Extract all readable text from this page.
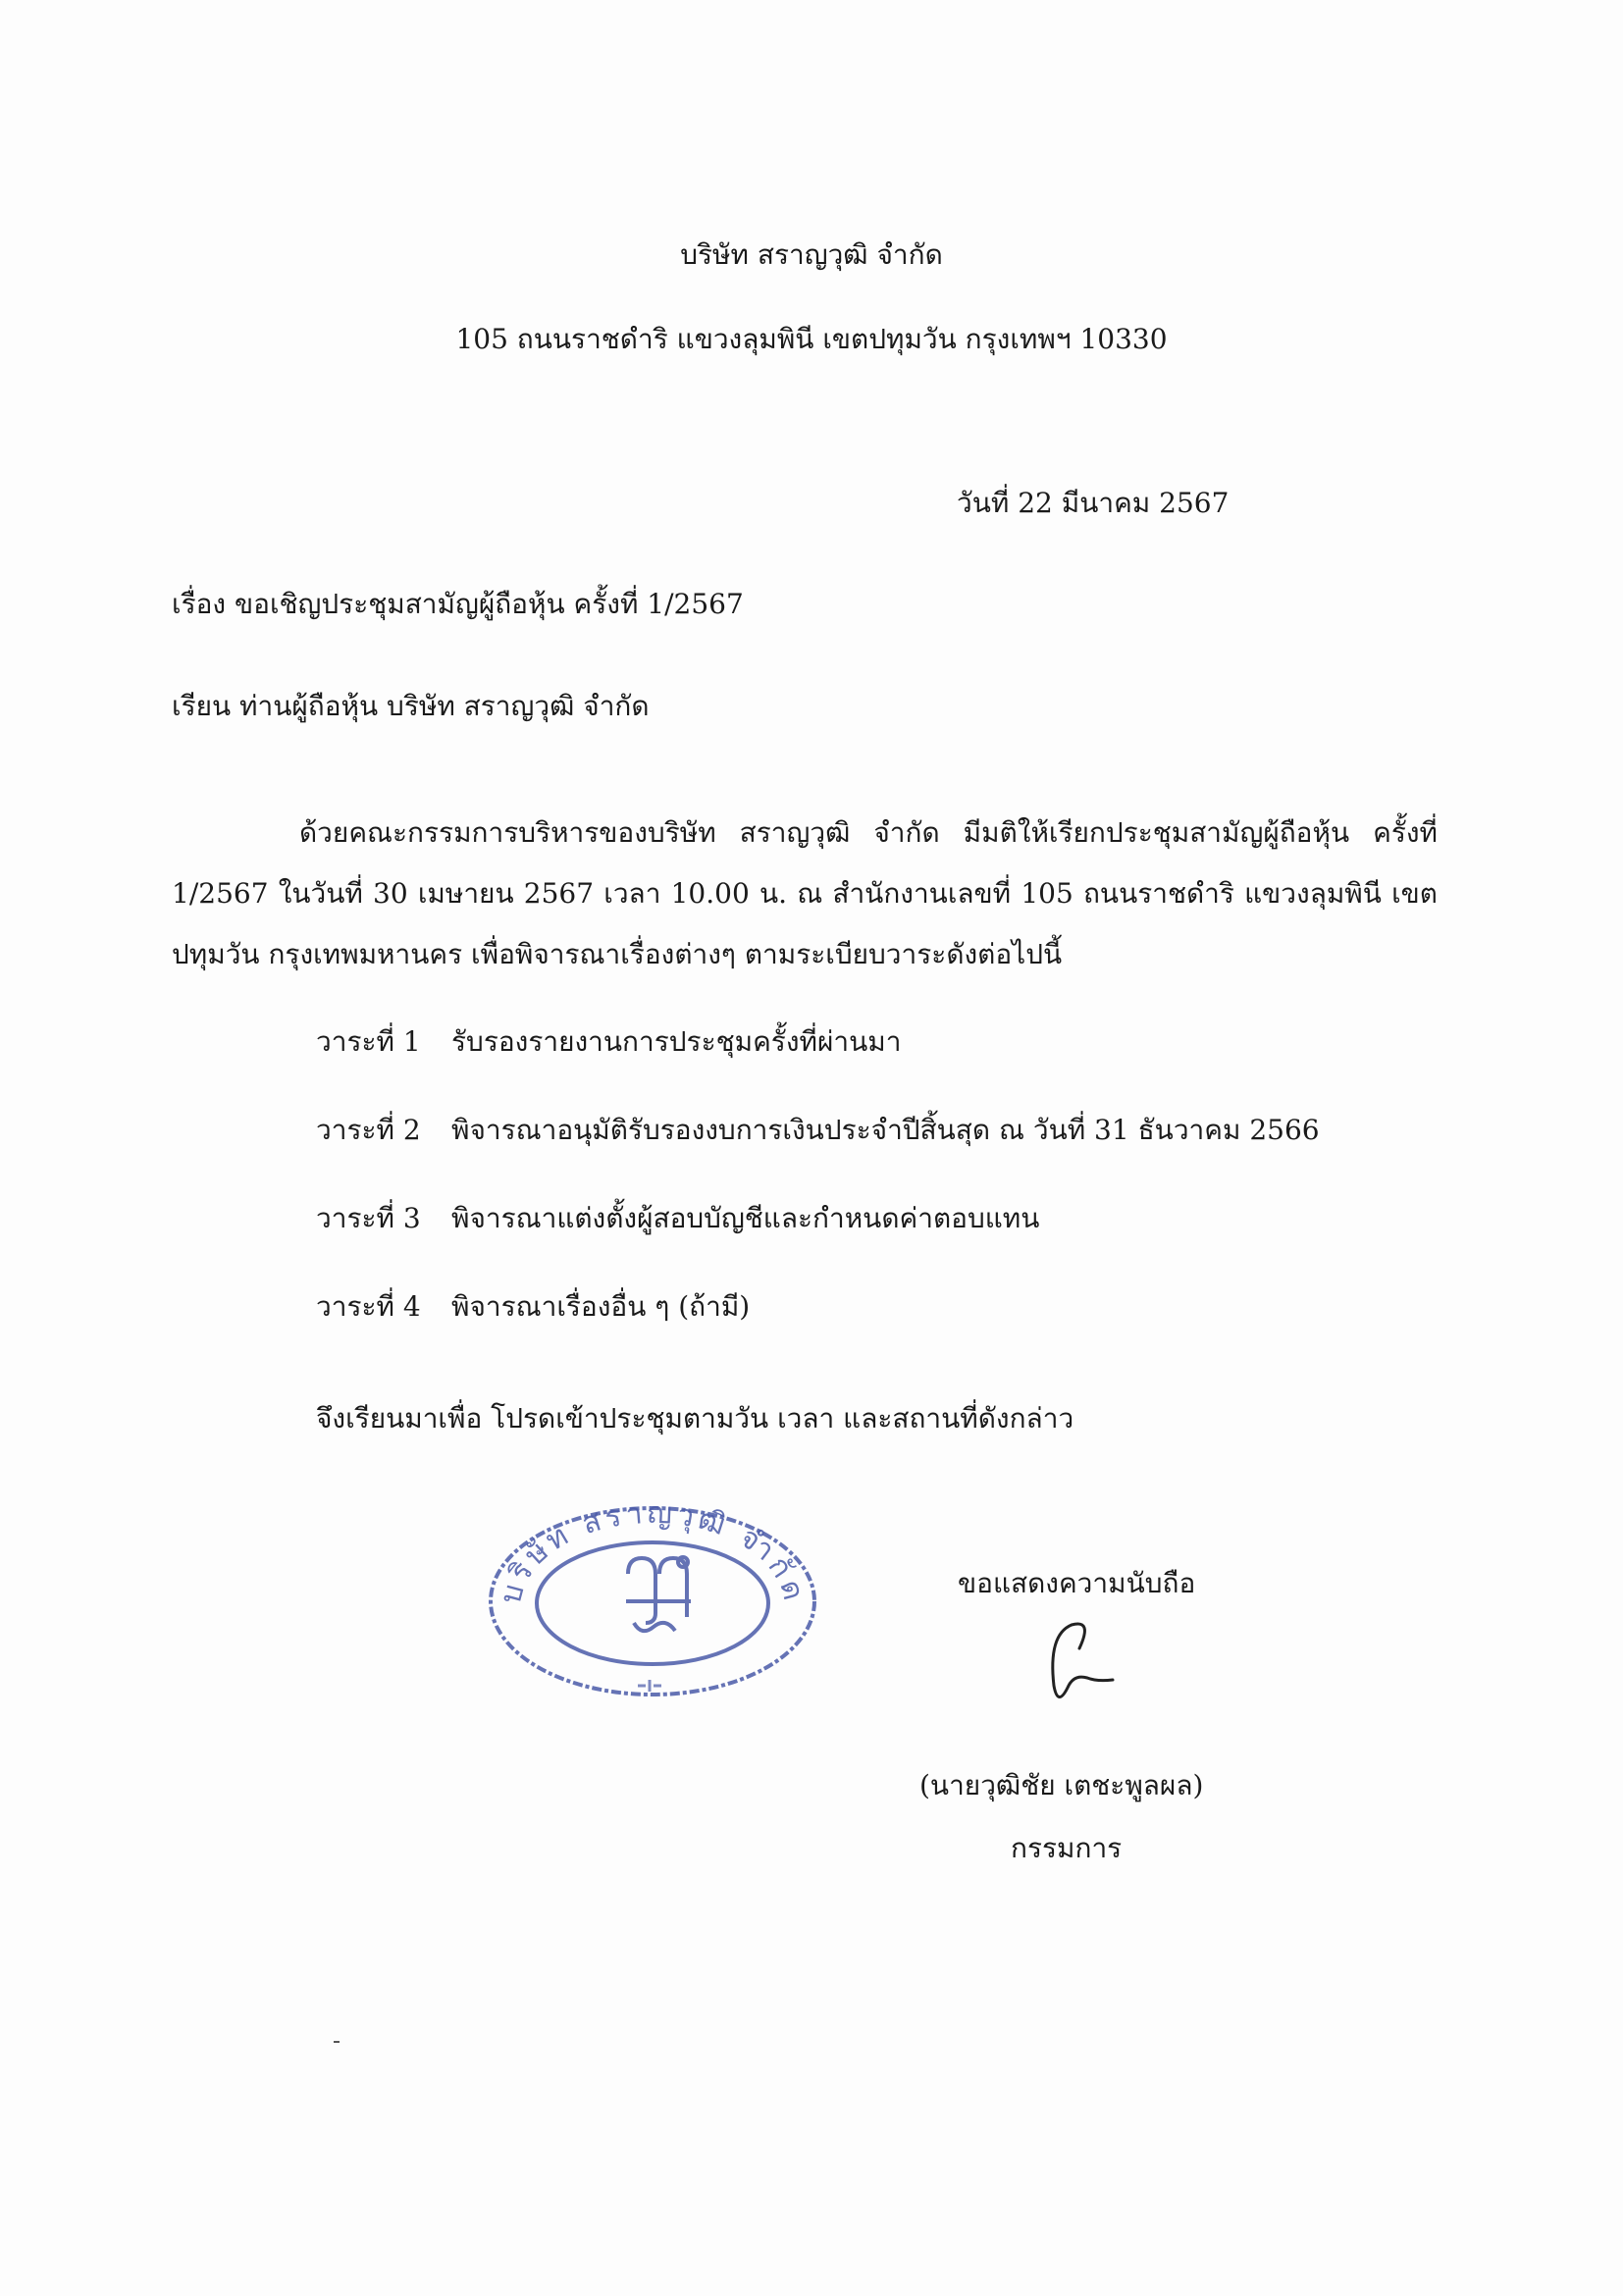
บริษัท สราญวุฒิ จำกัด
105 ถนนราชดำริ แขวงลุมพินี เขตปทุมวัน กรุงเทพฯ 10330
วันที่ 22 มีนาคม 2567
เรื่อง ขอเชิญประชุมสามัญผู้ถือหุ้น ครั้งที่ 1/2567
เรียน ท่านผู้ถือหุ้น บริษัท สราญวุฒิ จำกัด
ด้วยคณะกรรมการบริหารของบริษัท สราญวุฒิ จำกัด มีมติให้เรียกประชุมสามัญผู้ถือหุ้น ครั้งที่ 1/2567 ในวันที่ 30 เมษายน 2567 เวลา 10.00 น. ณ สำนักงานเลขที่ 105 ถนนราชดำริ แขวงลุมพินี เขตปทุมวัน กรุงเทพมหานคร เพื่อพิจารณาเรื่องต่างๆ ตามระเบียบวาระดังต่อไปนี้
วาระที่ 1 รับรองรายงานการประชุมครั้งที่ผ่านมา
วาระที่ 2 พิจารณาอนุมัติรับรองงบการเงินประจำปีสิ้นสุด ณ วันที่ 31 ธันวาคม 2566
วาระที่ 3 พิจารณาแต่งตั้งผู้สอบบัญชีและกำหนดค่าตอบแทน
วาระที่ 4 พิจารณาเรื่องอื่น ๆ (ถ้ามี)
จึงเรียนมาเพื่อ โปรดเข้าประชุมตามวัน เวลา และสถานที่ดังกล่าว
บริษัท สราญวุฒิ จำกัด	ขอแสดงความนับถือ
(นายวุฒิชัย เตชะพูลผล)
กรรมการ
